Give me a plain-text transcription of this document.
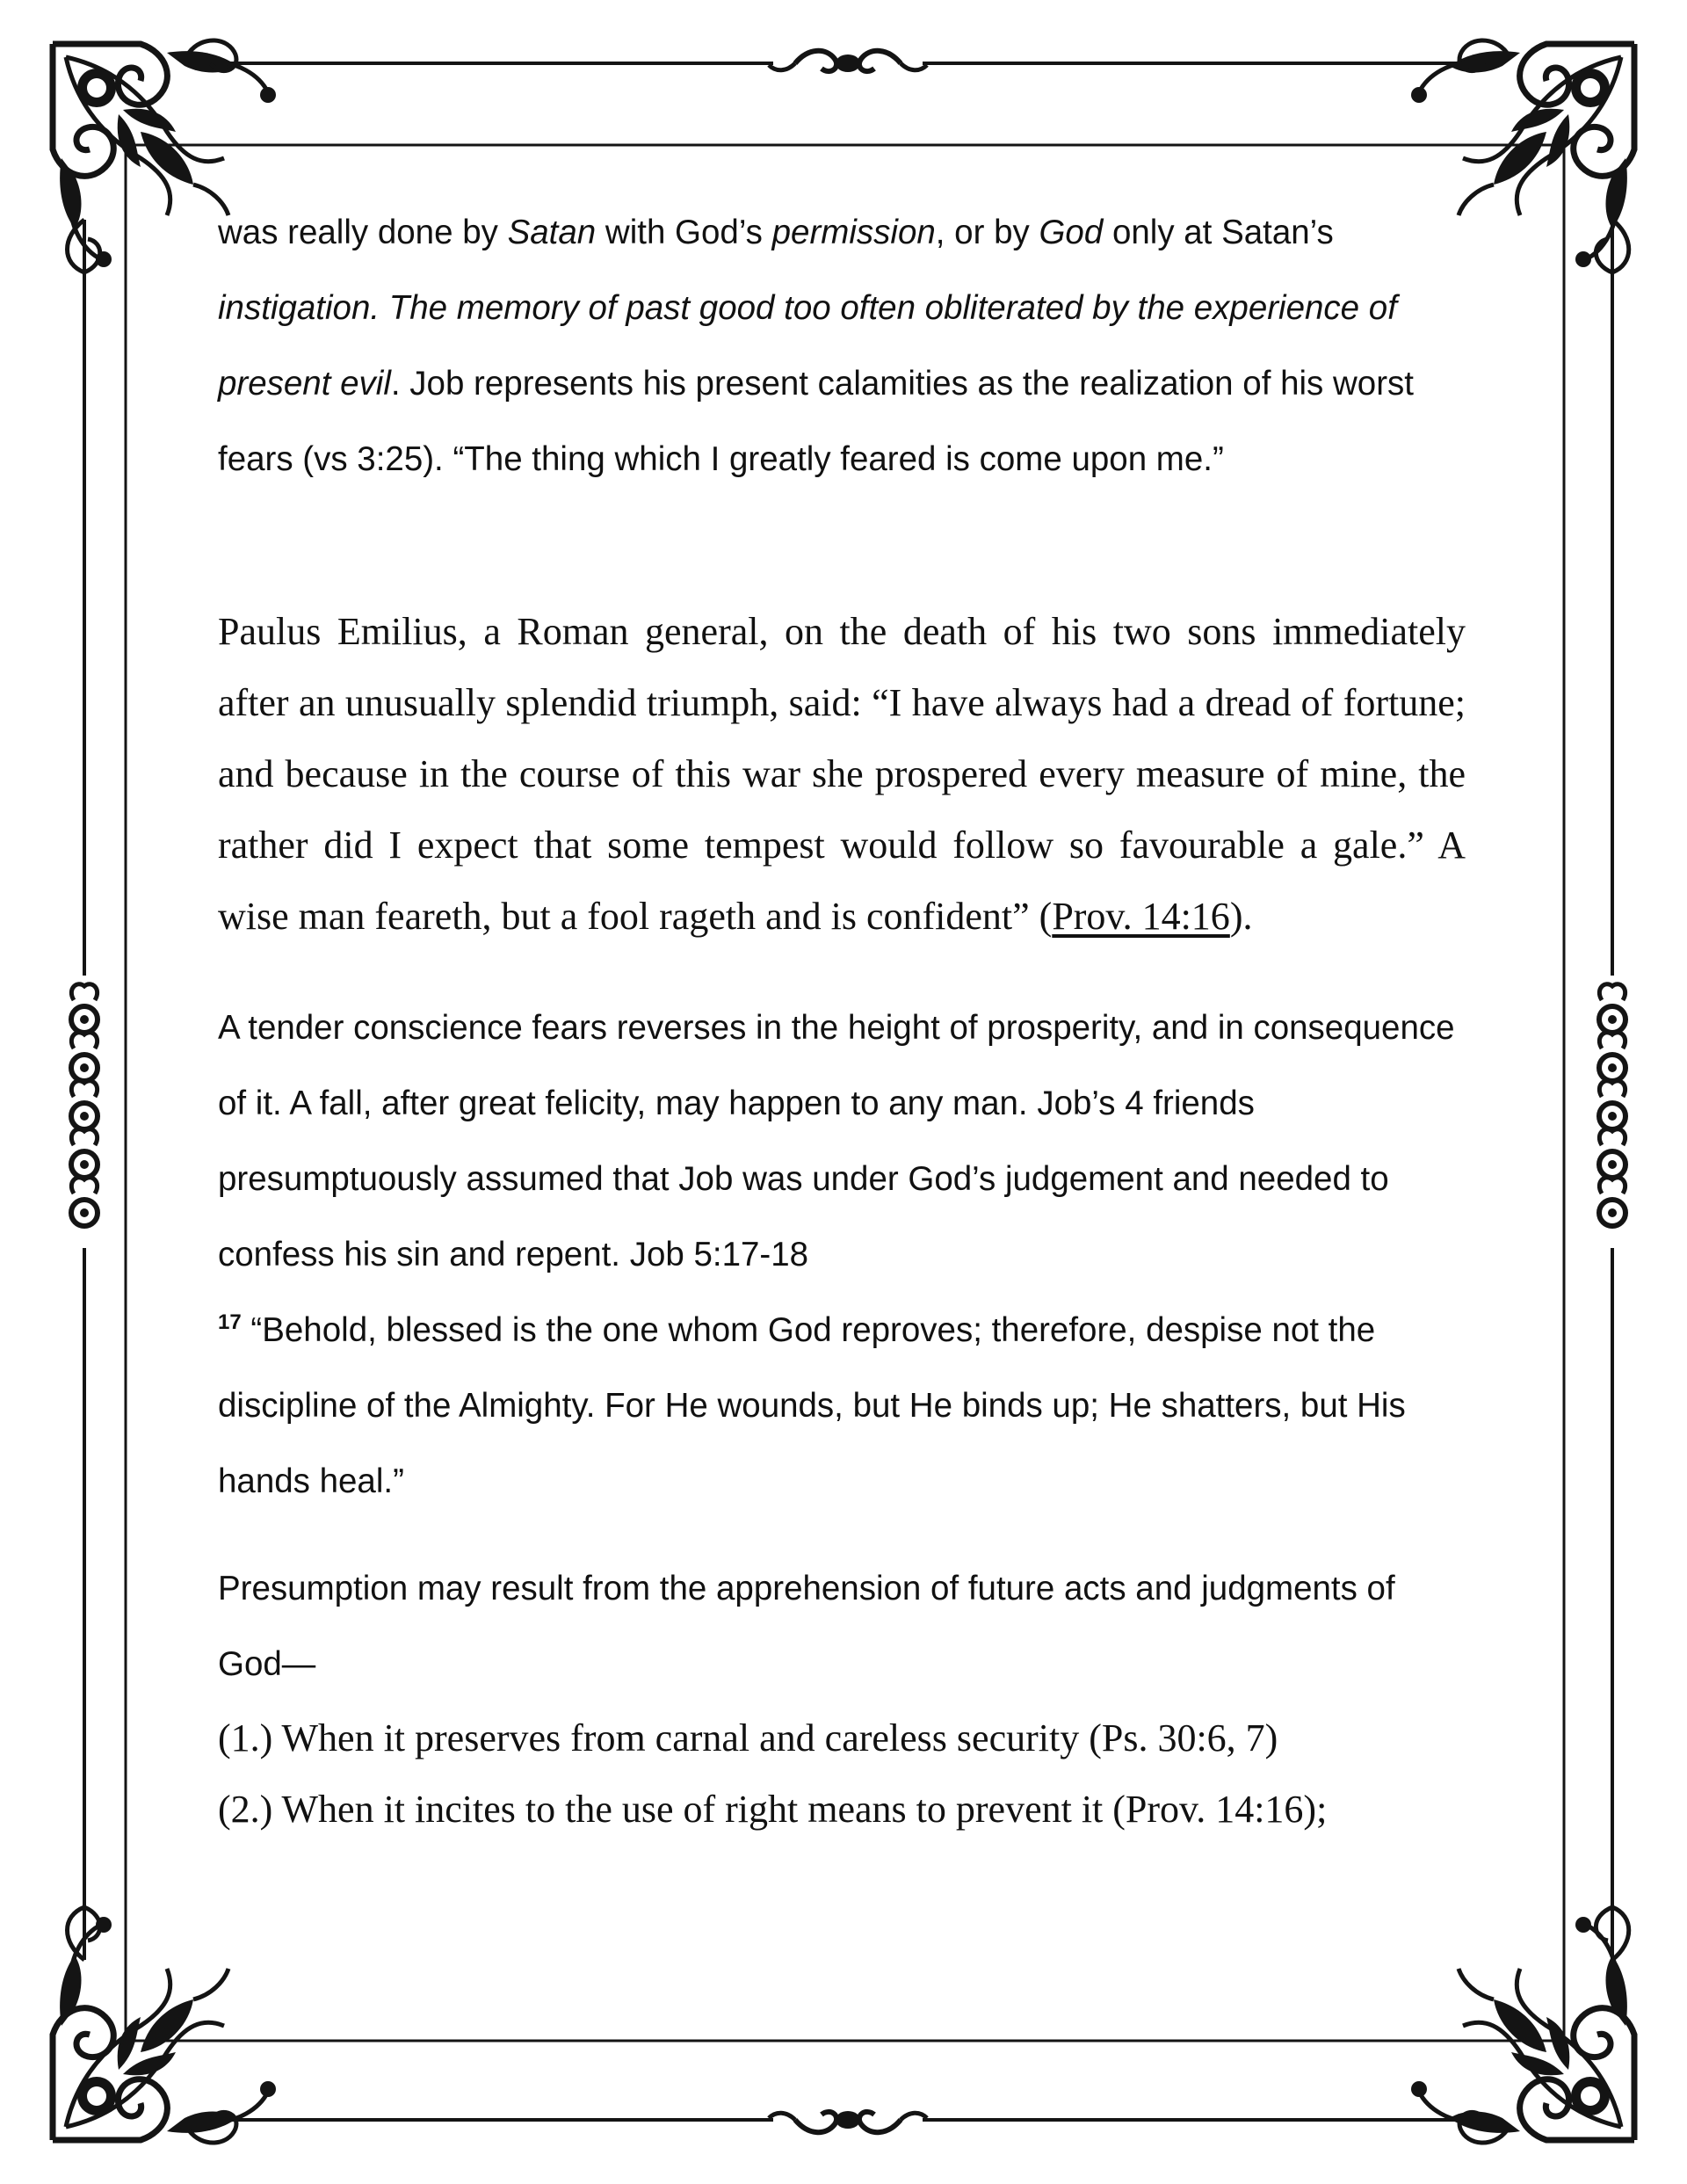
was really done by Satan with God’s permission, or by God only at Satan’s instigation. The memory of past good too often obliterated by the experience of present evil. Job represents his present calamities as the realization of his worst fears (vs 3:25). “The thing which I greatly feared is come upon me.”

Paulus Emilius, a Roman general, on the death of his two sons immediately after an unusually splendid triumph, said: “I have always had a dread of fortune; and because in the course of this war she prospered every measure of mine, the rather did I expect that some tempest would follow so favourable a gale.” A wise man feareth, but a fool rageth and is confident” (Prov. 14:16).

A tender conscience fears reverses in the height of prosperity, and in consequence of it. A fall, after great felicity, may happen to any man. Job’s 4 friends presumptuously assumed that Job was under God’s judgement and needed to confess his sin and repent. Job 5:17-18

$^{17}$ “Behold, blessed is the one whom God reproves; therefore, despise not the discipline of the Almighty. For He wounds, but He binds up; He shatters, but His hands heal.”

Presumption may result from the apprehension of future acts and judgments of God—

(1.) When it preserves from carnal and careless security (Ps. 30:6, 7)
(2.) When it incites to the use of right means to prevent it (Prov. 14:16);
